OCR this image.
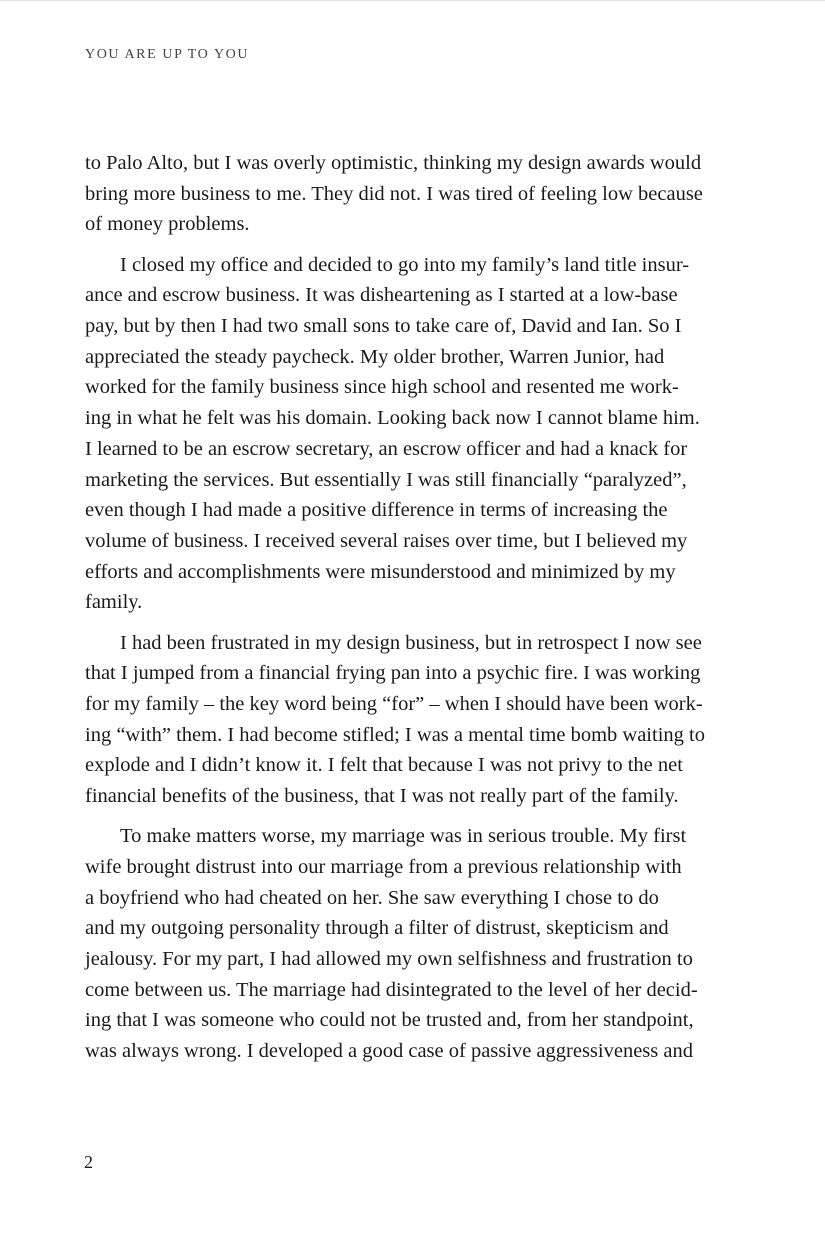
YOU ARE UP TO YOU

to Palo Alto, but I was overly optimistic, thinking my design awards would
bring more business to me. They did not. I was tired of feeling low because
of money problems.

I closed my office and decided to go into my family’s land title insur-
ance and escrow business. It was disheartening as I started at a low-base
pay, but by then I had two small sons to take care of, David and Ian. So I
appreciated the steady paycheck. My older brother, Warren Junior, had
worked for the family business since high school and resented me work-
ing in what he felt was his domain. Looking back now I cannot blame him.
I learned to be an escrow secretary, an escrow officer and had a knack for
marketing the services. But essentially I was still financially “paralyzed”,
even though I had made a positive difference in terms of increasing the
volume of business. I received several raises over time, but I believed my
efforts and accomplishments were misunderstood and minimized by my
family.

I had been frustrated in my design business, but in retrospect I now see
that I jumped from a financial frying pan into a psychic fire. I was working
for my family – the key word being “for” – when I should have been work-
ing “with” them. I had become stifled; I was a mental time bomb waiting to
explode and I didn’t know it. I felt that because I was not privy to the net
financial benefits of the business, that I was not really part of the family.

To make matters worse, my marriage was in serious trouble. My first
wife brought distrust into our marriage from a previous relationship with
a boyfriend who had cheated on her. She saw everything I chose to do
and my outgoing personality through a filter of distrust, skepticism and
jealousy. For my part, I had allowed my own selfishness and frustration to
come between us. The marriage had disintegrated to the level of her decid-
ing that I was someone who could not be trusted and, from her standpoint,
was always wrong. I developed a good case of passive aggressiveness and

2
